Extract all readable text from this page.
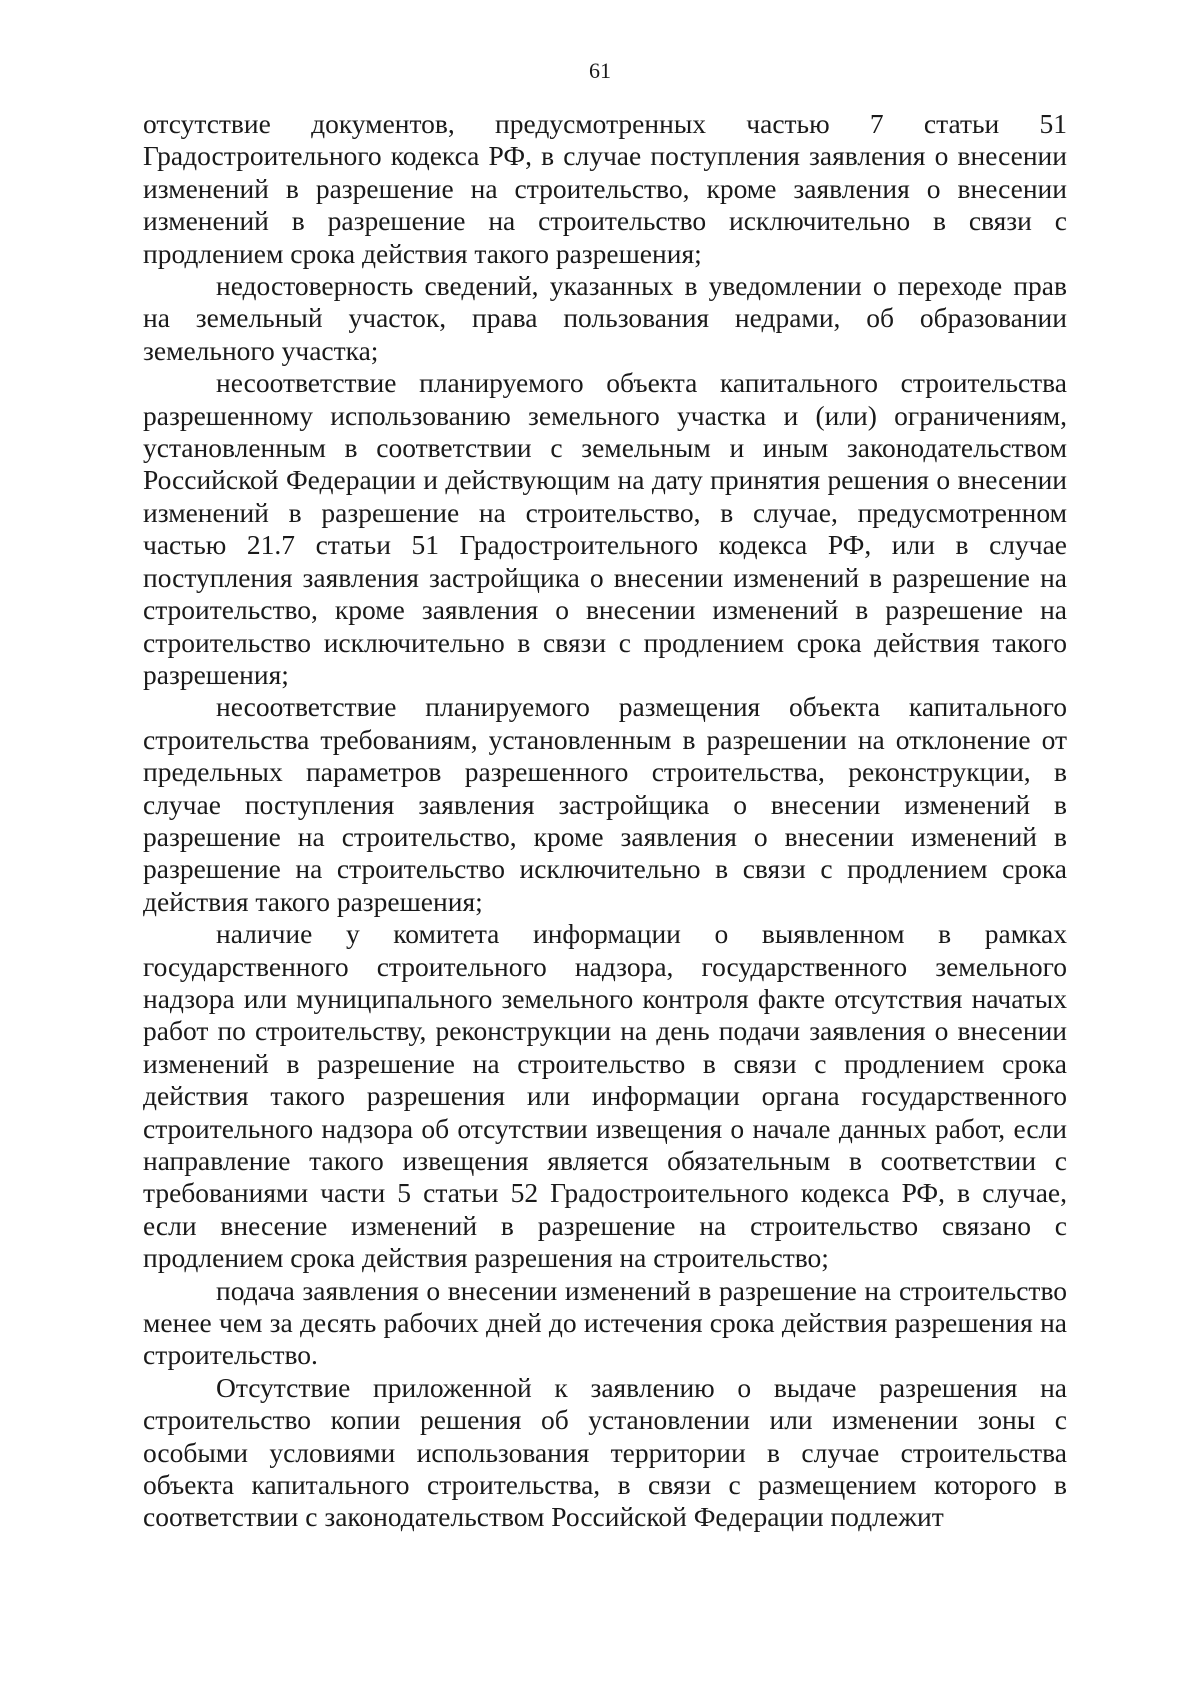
61

отсутствие документов, предусмотренных частью 7 статьи 51 Градостроительного кодекса РФ, в случае поступления заявления о внесении изменений в разрешение на строительство, кроме заявления о внесении изменений в разрешение на строительство исключительно в связи с продлением срока действия такого разрешения;

недостоверность сведений, указанных в уведомлении о переходе прав на земельный участок, права пользования недрами, об образовании земельного участка;

несоответствие планируемого объекта капитального строительства разрешенному использованию земельного участка и (или) ограничениям, установленным в соответствии с земельным и иным законодательством Российской Федерации и действующим на дату принятия решения о внесении изменений в разрешение на строительство, в случае, предусмотренном частью 21.7 статьи 51 Градостроительного кодекса РФ, или в случае поступления заявления застройщика о внесении изменений в разрешение на строительство, кроме заявления о внесении изменений в разрешение на строительство исключительно в связи с продлением срока действия такого разрешения;

несоответствие планируемого размещения объекта капитального строительства требованиям, установленным в разрешении на отклонение от предельных параметров разрешенного строительства, реконструкции, в случае поступления заявления застройщика о внесении изменений в разрешение на строительство, кроме заявления о внесении изменений в разрешение на строительство исключительно в связи с продлением срока действия такого разрешения;

наличие у комитета информации о выявленном в рамках государственного строительного надзора, государственного земельного надзора или муниципального земельного контроля факте отсутствия начатых работ по строительству, реконструкции на день подачи заявления о внесении изменений в разрешение на строительство в связи с продлением срока действия такого разрешения или информации органа государственного строительного надзора об отсутствии извещения о начале данных работ, если направление такого извещения является обязательным в соответствии с требованиями части 5 статьи 52 Градостроительного кодекса РФ, в случае, если внесение изменений в разрешение на строительство связано с продлением срока действия разрешения на строительство;

подача заявления о внесении изменений в разрешение на строительство менее чем за десять рабочих дней до истечения срока действия разрешения на строительство.

Отсутствие приложенной к заявлению о выдаче разрешения на строительство копии решения об установлении или изменении зоны с особыми условиями использования территории в случае строительства объекта капитального строительства, в связи с размещением которого в соответствии с законодательством Российской Федерации подлежит
